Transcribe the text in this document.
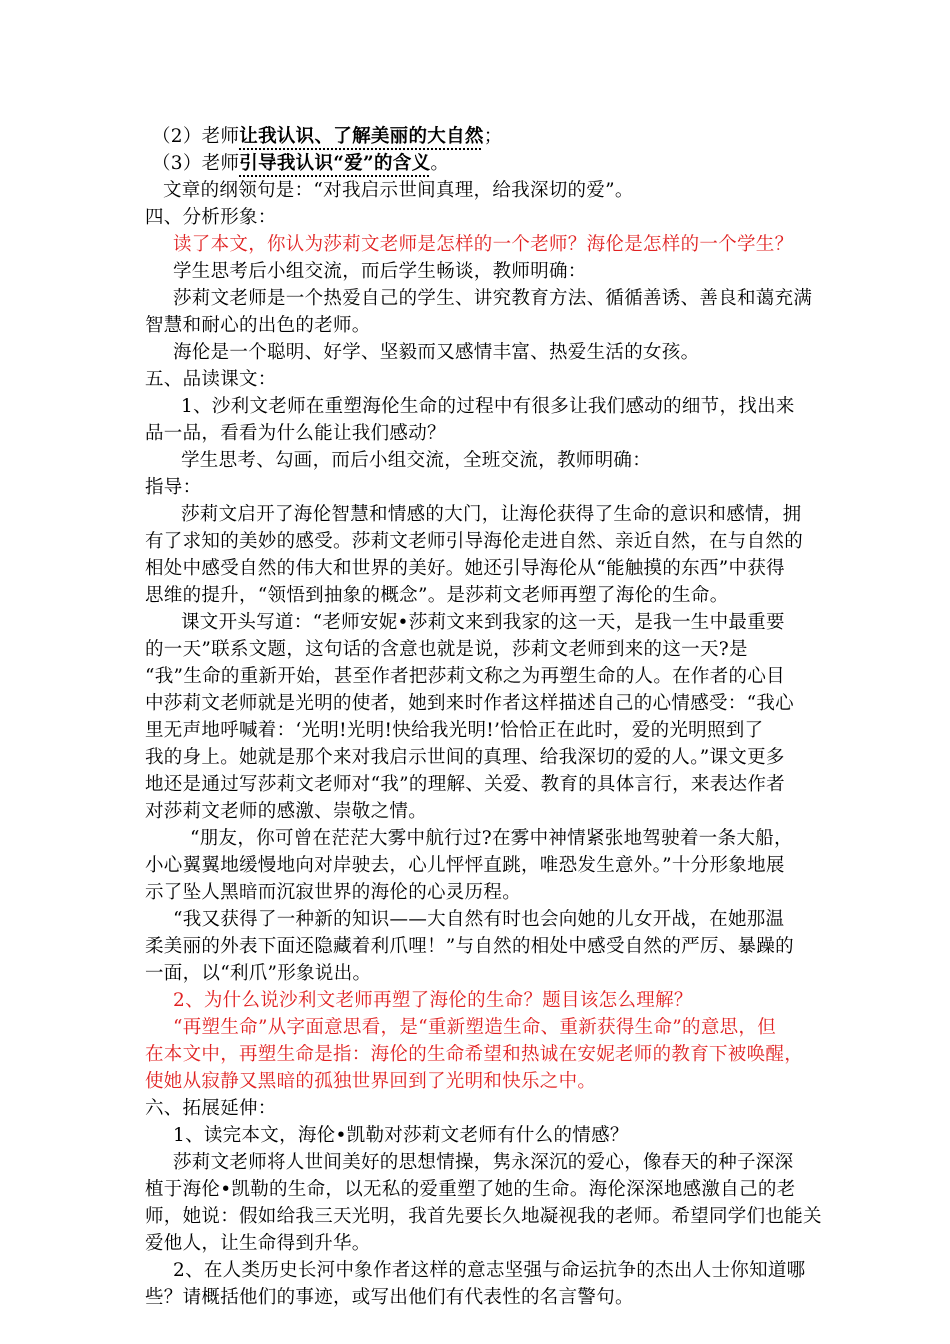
（2）老师让我认识、了解美丽的大自然；
（3）老师引导我认识“爱”的含义。
文章的纲领句是：“对我启示世间真理，给我深切的爱”。
四、分析形象：
读了本文，你认为莎莉文老师是怎样的一个老师？海伦是怎样的一个学生？
学生思考后小组交流，而后学生畅谈，教师明确：
莎莉文老师是一个热爱自己的学生、讲究教育方法、循循善诱、善良和蔼充满
智慧和耐心的出色的老师。
海伦是一个聪明、好学、坚毅而又感情丰富、热爱生活的女孩。
五、品读课文：
1、沙利文老师在重塑海伦生命的过程中有很多让我们感动的细节，找出来
品一品，看看为什么能让我们感动？
学生思考、勾画，而后小组交流，全班交流，教师明确：
指导：
莎莉文启开了海伦智慧和情感的大门，让海伦获得了生命的意识和感情，拥
有了求知的美妙的感受。莎莉文老师引导海伦走进自然、亲近自然，在与自然的
相处中感受自然的伟大和世界的美好。她还引导海伦从“能触摸的东西”中获得
思维的提升，“领悟到抽象的概念”。是莎莉文老师再塑了海伦的生命。
课文开头写道：“老师安妮•莎莉文来到我家的这一天，是我一生中最重要
的一天”联系文题，这句话的含意也就是说，莎莉文老师到来的这一天?是
“我”生命的重新开始，甚至作者把莎莉文称之为再塑生命的人。在作者的心目
中莎莉文老师就是光明的使者，她到来时作者这样描述自己的心情感受：“我心
里无声地呼喊着：‘光明!光明!快给我光明!’恰恰正在此时，爱的光明照到了
我的身上。她就是那个来对我启示世间的真理、给我深切的爱的人。”课文更多
地还是通过写莎莉文老师对“我”的理解、关爱、教育的具体言行，来表达作者
对莎莉文老师的感激、崇敬之情。
“朋友，你可曾在茫茫大雾中航行过?在雾中神情紧张地驾驶着一条大船，
小心翼翼地缓慢地向对岸驶去，心儿怦怦直跳，唯恐发生意外。”十分形象地展
示了坠人黑暗而沉寂世界的海伦的心灵历程。
“我又获得了一种新的知识——大自然有时也会向她的儿女开战，在她那温
柔美丽的外表下面还隐藏着利爪哩！”与自然的相处中感受自然的严厉、暴躁的
一面，以“利爪”形象说出。
2、为什么说沙利文老师再塑了海伦的生命？题目该怎么理解？
“再塑生命”从字面意思看，是“重新塑造生命、重新获得生命”的意思，但
在本文中，再塑生命是指：海伦的生命希望和热诚在安妮老师的教育下被唤醒，
使她从寂静又黑暗的孤独世界回到了光明和快乐之中。
六、拓展延伸：
1、读完本文，海伦•凯勒对莎莉文老师有什么的情感？
莎莉文老师将人世间美好的思想情操，隽永深沉的爱心，像春天的种子深深
植于海伦•凯勒的生命，以无私的爱重塑了她的生命。海伦深深地感激自己的老
师，她说：假如给我三天光明，我首先要长久地凝视我的老师。希望同学们也能关
爱他人，让生命得到升华。
2、在人类历史长河中象作者这样的意志坚强与命运抗争的杰出人士你知道哪
些？请概括他们的事迹，或写出他们有代表性的名言警句。
